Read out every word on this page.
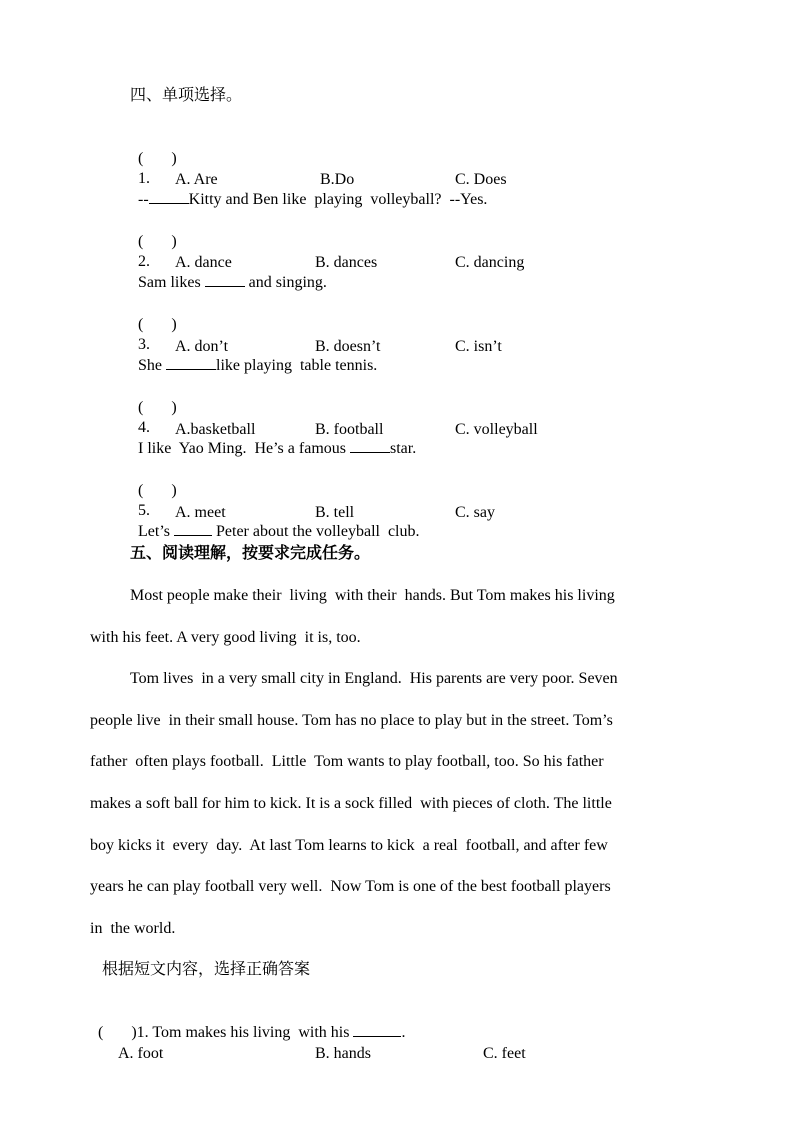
四、单项选择。

(       )
1.
--	Kitty and Ben like  playing  volleyball?  --Yes.

A. Are	B.Do	C. Does

(       )
2.
Sam likes	and singing.

A. dance	B. dances	C. dancing

(       )
3.
She	like playing  table tennis.

A. don’t	B. doesn’t	C. isn’t

(       )
4.
I like  Yao Ming.  He’s a famous	star.

A.basketball	B. football	C. volleyball

(       )
5.
Let’s	Peter about the volleyball  club.

A. meet	B. tell	C. say
五、阅读理解，按要求完成任务。
Most people make their  living  with their  hands. But Tom makes his living
with his feet. A very good living  it is, too.
Tom lives  in a very small city in England.  His parents are very poor. Seven
people live  in their small house. Tom has no place to play but in the street. Tom’s
father  often plays football.  Little  Tom wants to play football, too. So his father
makes a soft ball for him to kick. It is a sock filled  with pieces of cloth. The little
boy kicks it  every  day.  At last Tom learns to kick  a real  football, and after few
years he can play football very well.  Now Tom is one of the best football players
in  the world.
根据短文内容，选择正确答案

(       )1. Tom makes his living  with his	.

A. foot	B. hands	C. feet
